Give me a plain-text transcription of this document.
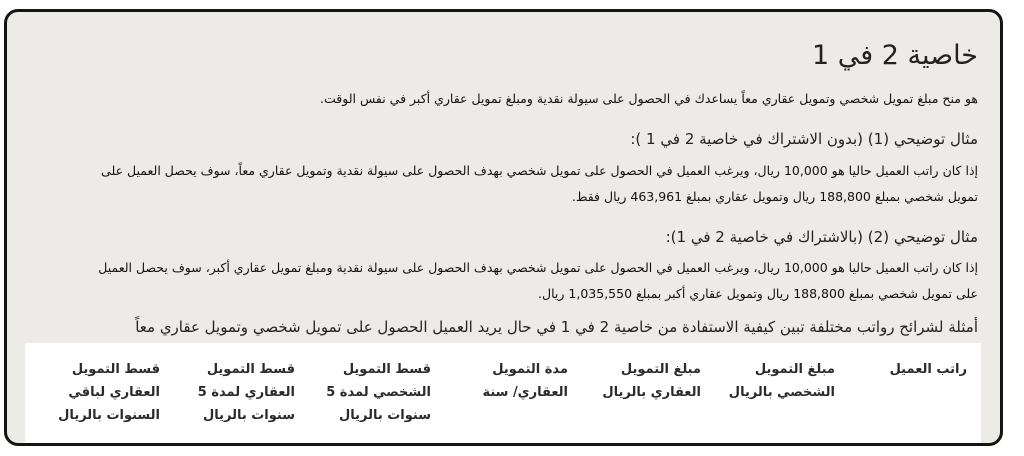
خاصية 2 في 1
هو منح مبلغ تمويل شخصي وتمويل عقاري معاً يساعدك في الحصول على سيولة نقدية ومبلغ تمويل عقاري أكبر في نفس الوقت.
مثال توضيحي (1) (بدون الاشتراك في خاصية 2 في 1 ):
إذا كان راتب العميل حاليا هو 10,000 ريال، ويرغب العميل في الحصول على تمويل شخصي بهدف الحصول على سيولة نقدية وتمويل عقاري معاً، سوف يحصل العميل على
تمويل شخصي بمبلغ 188,800 ريال وتمويل عقاري بمبلغ 463,961 ريال فقط.
مثال توضيحي (2) (بالاشتراك في خاصية 2 في 1):
إذا كان راتب العميل حاليا هو 10,000 ريال، ويرغب العميل في الحصول على تمويل شخصي بهدف الحصول على سيولة نقدية ومبلغ تمويل عقاري أكبر، سوف يحصل العميل
على تمويل شخصي بمبلغ 188,800 ريال وتمويل عقاري أكبر بمبلغ 1,035,550 ريال.
أمثلة لشرائح رواتب مختلفة تبين كيفية الاستفادة من خاصية 2 في 1 في حال يريد العميل الحصول على تمويل شخصي وتمويل عقاري معاً
راتب العميل
مبلغ التمويل
الشخصي بالريال
مبلغ التمويل
العقاري بالريال
مدة التمويل
العقاري/ سنة
قسط التمويل
الشخصي لمدة 5
سنوات بالريال
قسط التمويل
العقاري لمدة 5
سنوات بالريال
قسط التمويل
العقاري لباقي
السنوات بالريال
